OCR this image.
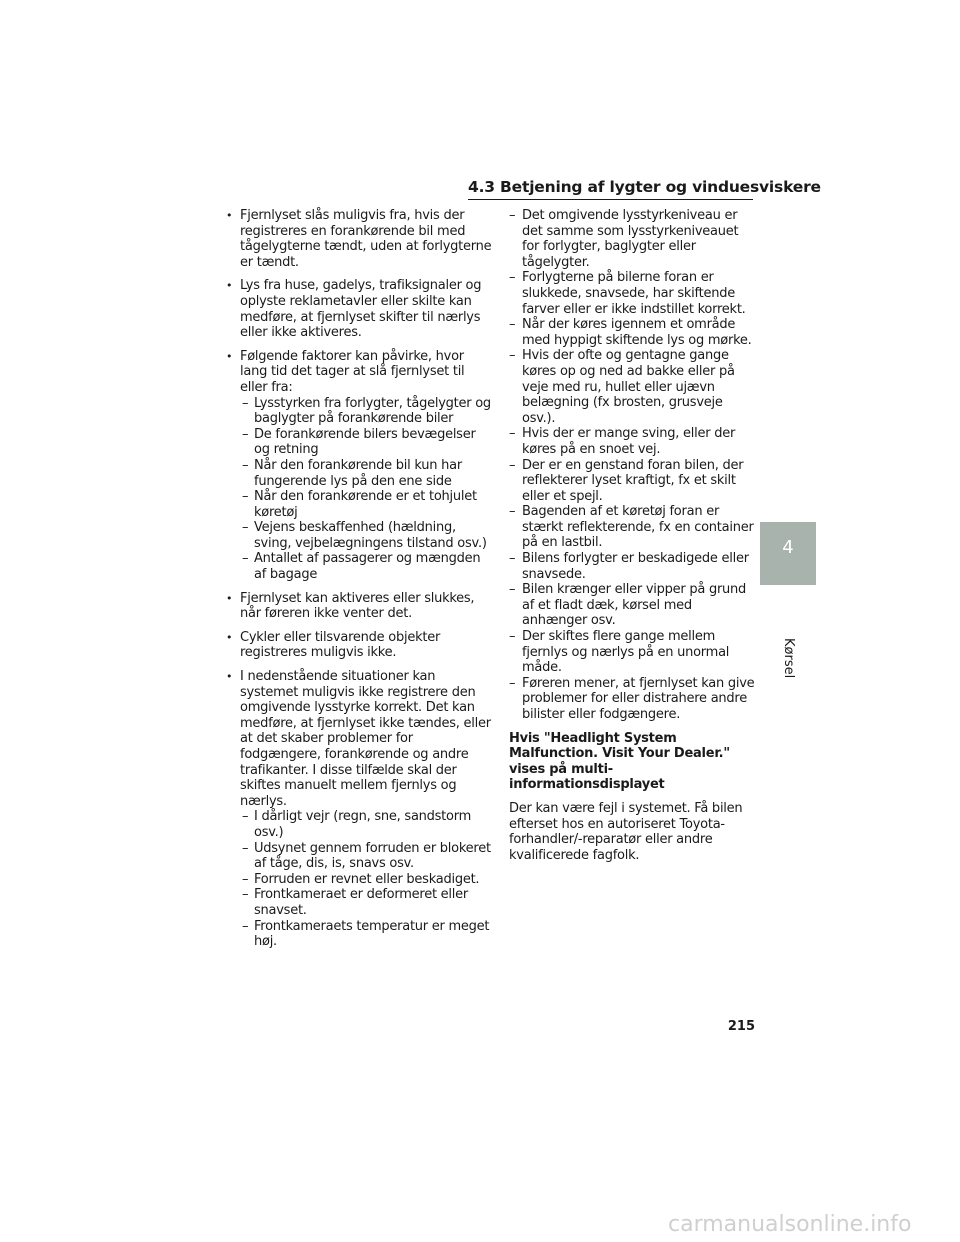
4.3 Betjening af lygter og vinduesviskere
• Fjernlyset slås muligvis fra, hvis der registreres en forankørende bil med tågelygterne tændt, uden at forlygterne er tændt.
• Lys fra huse, gadelys, trafiksignaler og oplyste reklametavler eller skilte kan medføre, at fjernlyset skifter til nærlys eller ikke aktiveres.
• Følgende faktorer kan påvirke, hvor lang tid det tager at slå fjernlyset til eller fra:
– Lysstyrken fra forlygter, tågelygter og baglygter på forankørende biler
– De forankørende bilers bevægelser og retning
– Når den forankørende bil kun har fungerende lys på den ene side
– Når den forankørende er et tohjulet køretøj
– Vejens beskaffenhed (hældning, sving, vejbelægningens tilstand osv.)
– Antallet af passagerer og mængden af bagage
• Fjernlyset kan aktiveres eller slukkes, når føreren ikke venter det.
• Cykler eller tilsvarende objekter registreres muligvis ikke.
• I nedenstående situationer kan systemet muligvis ikke registrere den omgivende lysstyrke korrekt. Det kan medføre, at fjernlyset ikke tændes, eller at det skaber problemer for fodgængere, forankørende og andre trafikanter. I disse tilfælde skal der skiftes manuelt mellem fjernlys og nærlys.
– I dårligt vejr (regn, sne, sandstorm osv.)
– Udsynet gennem forruden er blokeret af tåge, dis, is, snavs osv.
– Forruden er revnet eller beskadiget.
– Frontkameraet er deformeret eller snavset.
– Frontkameraets temperatur er meget høj.
– Det omgivende lysstyrkeniveau er det samme som lysstyrkeniveauet for forlygter, baglygter eller tågelygter.
– Forlygterne på bilerne foran er slukkede, snavsede, har skiftende farver eller er ikke indstillet korrekt.
– Når der køres igennem et område med hyppigt skiftende lys og mørke.
– Hvis der ofte og gentagne gange køres op og ned ad bakke eller på veje med ru, hullet eller ujævn belægning (fx brosten, grusveje osv.).
– Hvis der er mange sving, eller der køres på en snoet vej.
– Der er en genstand foran bilen, der reflekterer lyset kraftigt, fx et skilt eller et spejl.
– Bagenden af et køretøj foran er stærkt reflekterende, fx en container på en lastbil.
– Bilens forlygter er beskadigede eller snavsede.
– Bilen krænger eller vipper på grund af et fladt dæk, kørsel med anhænger osv.
– Der skiftes flere gange mellem fjernlys og nærlys på en unormal måde.
– Føreren mener, at fjernlyset kan give problemer for eller distrahere andre bilister eller fodgængere.
Hvis "Headlight System Malfunction. Visit Your Dealer." vises på multi-informationsdisplayet

Der kan være fejl i systemet. Få bilen efterset hos en autoriseret Toyota-forhandler/-reparatør eller andre kvalificerede fagfolk.

4
Kørsel
215
carmanualsonline.info
